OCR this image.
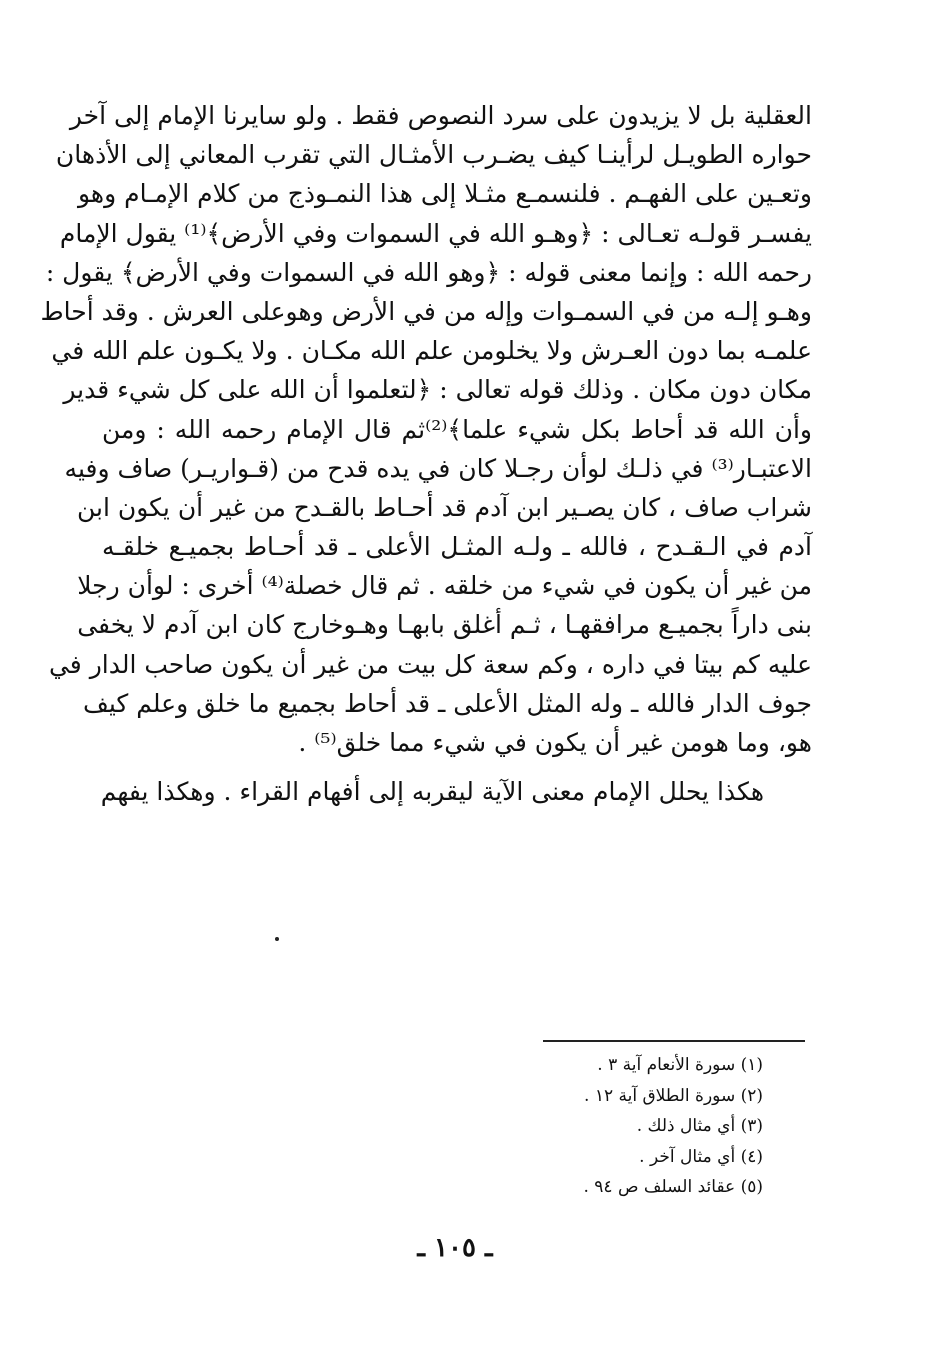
العقلية بل لا يزيدون على سرد النصوص فقط . ولو سايرنا الإمام إلى آخر
حواره الطويـل لرأينـا كيف يضـرب الأمثـال التي تقرب المعاني إلى الأذهان
وتعـين على الفهـم . فلنسمـع مثـلا إلى هذا النمـوذج من كلام الإمـام وهو
يفسـر قولـه تعـالى : ﴿وهـو الله في السموات وفي الأرض﴾⁽¹⁾ يقول الإمام
رحمه الله : وإنما معنى قوله : ﴿وهو الله في السموات وفي الأرض﴾ يقول :
وهـو إلـه من في السمـوات وإله من في الأرض وهوعلى العرش . وقد أحاط
علمـه بما دون العـرش ولا يخلومن علم الله مكـان . ولا يكـون علم الله في
مكان دون مكان . وذلك قوله تعالى : ﴿لتعلموا أن الله على كل شيء قدير
وأن الله قد أحاط بكل شيء علما﴾⁽²⁾ثم قال الإمام رحمه الله : ومن
الاعتبـار⁽³⁾ في ذلـك لوأن رجـلا كان في يده قدح من (قـواريـر) صاف وفيه
شراب صاف ، كان يصـير ابن آدم قد أحـاط بالقـدح من غير أن يكون ابن
آدم في الـقـدح ، فالله ـ ولـه المثـل الأعلى ـ قد أحـاط بجميـع خلقـه
من غير أن يكون في شيء من خلقه . ثم قال خصلة⁽⁴⁾ أخرى : لوأن رجلا
بنى داراً بجميـع مرافقهـا ، ثـم أغلق بابهـا وهـوخارج كان ابن آدم لا يخفى
عليه كم بيتا في داره ، وكم سعة كل بيت من غير أن يكون صاحب الدار في
جوف الدار فالله ـ وله المثل الأعلى ـ قد أحاط بجميع ما خلق وعلم كيف
هو، وما هومن غير أن يكون في شيء مما خلق⁽⁵⁾ .
هكذا يحلل الإمام معنى الآية ليقربه إلى أفهام القراء . وهكذا يفهم
(١) سورة الأنعام آية ٣ .
(٢) سورة الطلاق آية ١٢ .
(٣) أي مثال ذلك .
(٤) أي مثال آخر .
(٥) عقائد السلف ص ٩٤ .
ـ ١٠٥ ـ
